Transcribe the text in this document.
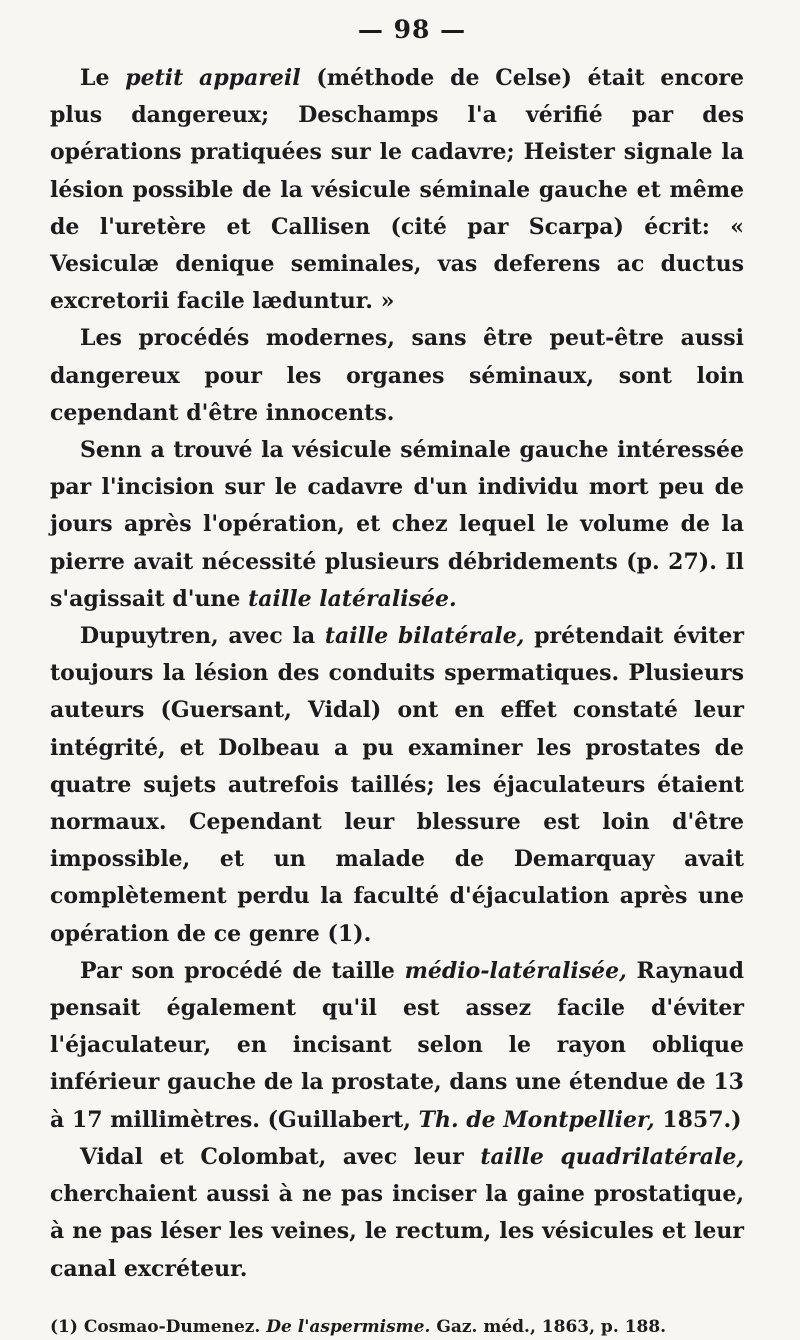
— 98 —

Le petit appareil (méthode de Celse) était encore plus dangereux; Deschamps l'a vérifié par des opérations pratiquées sur le cadavre; Heister signale la lésion possible de la vésicule séminale gauche et même de l'uretère et Callisen (cité par Scarpa) écrit: « Vesiculæ denique seminales, vas deferens ac ductus excretorii facile læduntur. »

Les procédés modernes, sans être peut-être aussi dangereux pour les organes séminaux, sont loin cependant d'être innocents.

Senn a trouvé la vésicule séminale gauche intéressée par l'incision sur le cadavre d'un individu mort peu de jours après l'opération, et chez lequel le volume de la pierre avait nécessité plusieurs débridements (p. 27). Il s'agissait d'une taille latéralisée.

Dupuytren, avec la taille bilatérale, prétendait éviter toujours la lésion des conduits spermatiques. Plusieurs auteurs (Guersant, Vidal) ont en effet constaté leur intégrité, et Dolbeau a pu examiner les prostates de quatre sujets autrefois taillés; les éjaculateurs étaient normaux. Cependant leur blessure est loin d'être impossible, et un malade de Demarquay avait complètement perdu la faculté d'éjaculation après une opération de ce genre (1).

Par son procédé de taille médio-latéralisée, Raynaud pensait également qu'il est assez facile d'éviter l'éjaculateur, en incisant selon le rayon oblique inférieur gauche de la prostate, dans une étendue de 13 à 17 millimètres. (Guillabert, Th. de Montpellier, 1857.)

Vidal et Colombat, avec leur taille quadrilatérale, cherchaient aussi à ne pas inciser la gaine prostatique, à ne pas léser les veines, le rectum, les vésicules et leur canal excréteur.

(1) Cosmao-Dumenez. De l'aspermisme. Gaz. méd., 1863, p. 188.
